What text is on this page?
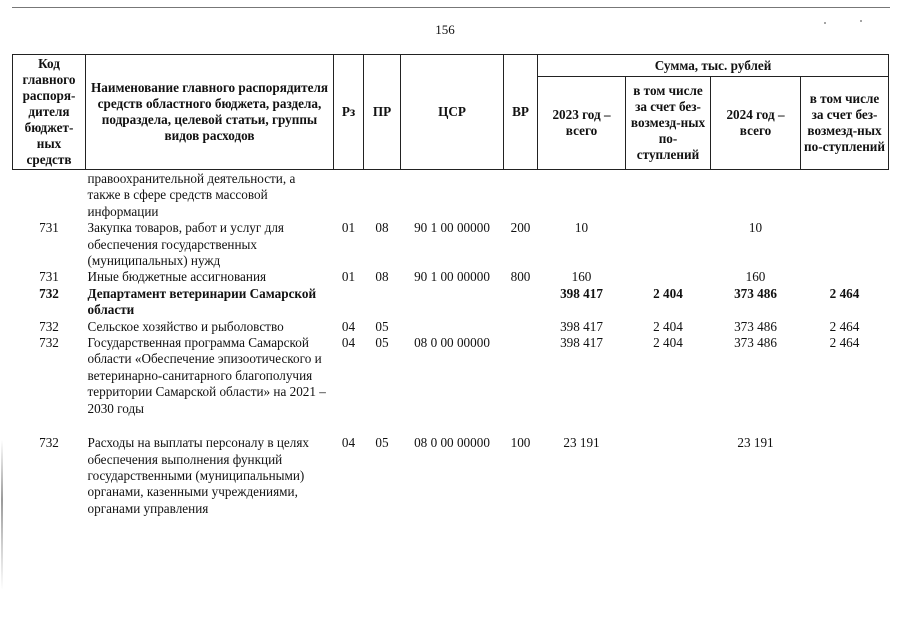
156
Код главного распоря-дителя бюджет-ных средств	Наименование главного распорядителя средств областного бюджета, раздела, подраздела, целевой статьи, группы видов расходов	Рз	ПР	ЦСР	ВР	Сумма, тыс. рублей			
						2023 год – всего	в том числе за счет без-возмезд-ных по-ступлений	2024 год – всего	в том числе за счет без-возмезд-ных по-ступлений
	правоохранительной деятельности, а также в сфере средств массовой информации								
731	Закупка товаров, работ и услуг для обеспечения государственных (муниципальных) нужд	01	08	90 1 00 00000	200	10		10	
731	Иные бюджетные ассигнования	01	08	90 1 00 00000	800	160		160	
732	Департамент ветеринарии Самарской области					398 417	2 404	373 486	2 464
732	Сельское хозяйство и рыболовство	04	05			398 417	2 404	373 486	2 464
732	Государственная программа Самарской области «Обеспечение эпизоотического и ветеринарно-санитарного благополучия территории Самарской области» на 2021 – 2030 годы	04	05	08 0 00 00000		398 417	2 404	373 486	2 464
732	Расходы на выплаты персоналу в целях обеспечения выполнения функций государственными (муниципальными) органами, казенными учреждениями, органами управления	04	05	08 0 00 00000	100	23 191		23 191	
